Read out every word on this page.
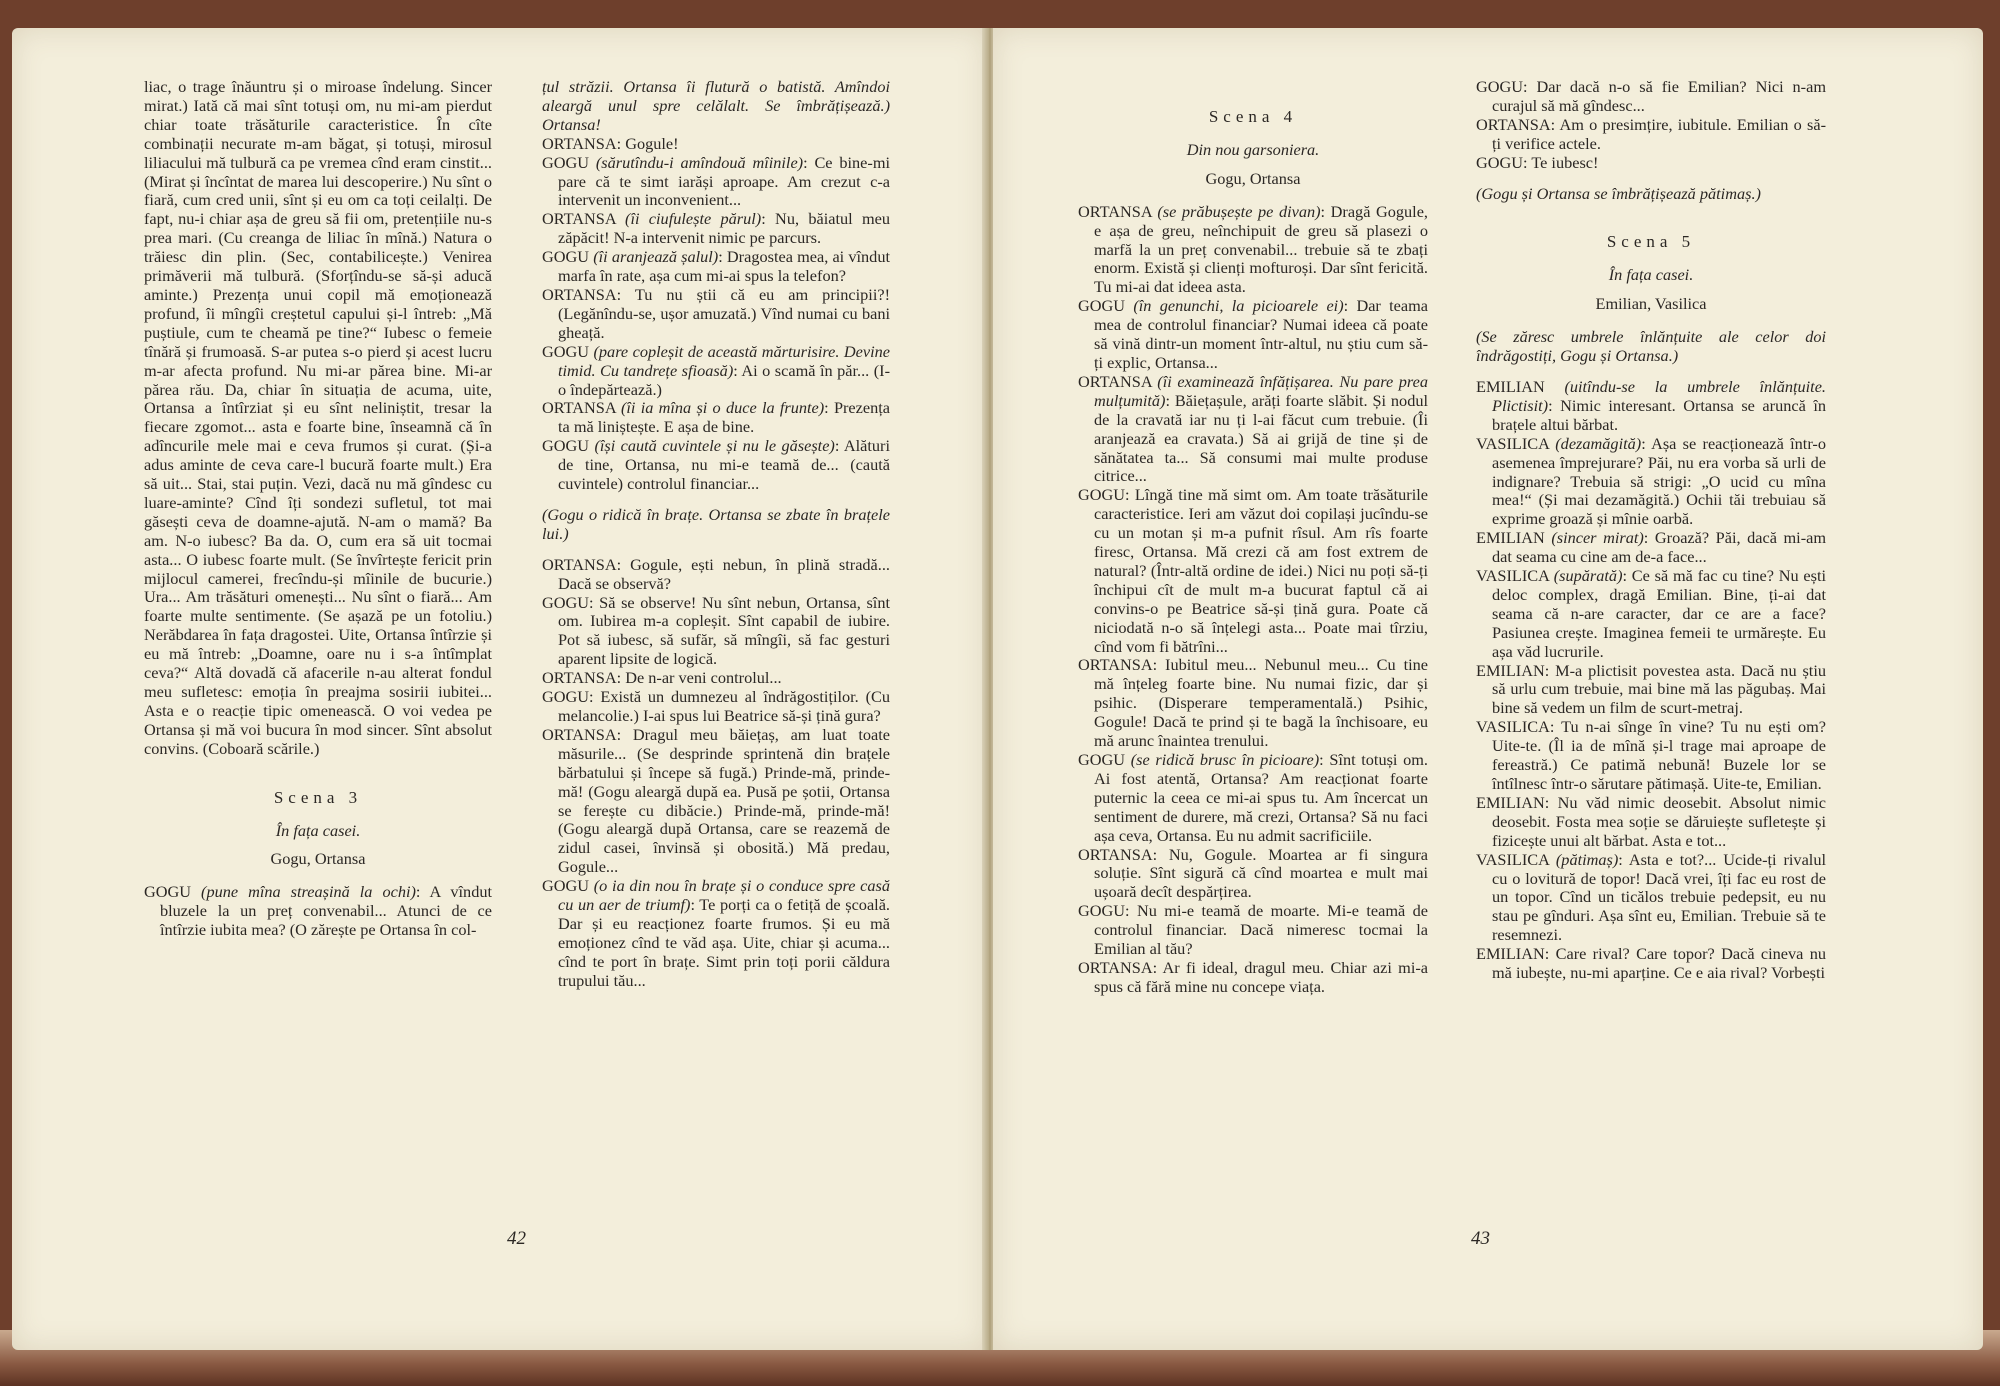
liac, o trage înăuntru și o miroase îndelung. Sincer mirat.) Iată că mai sînt totuși om, nu mi-am pierdut chiar toate trăsăturile caracteristice. În cîte combinații necurate m-am băgat, și totuși, mirosul liliacului mă tulbură ca pe vremea cînd eram cinstit... (Mirat și încîntat de marea lui descoperire.) Nu sînt o fiară, cum cred unii, sînt și eu om ca toți ceilalți. De fapt, nu-i chiar așa de greu să fii om, pretențiile nu-s prea mari. (Cu creanga de liliac în mînă.) Natura o trăiesc din plin. (Sec, contabilicește.) Venirea primăverii mă tulbură. (Sforțîndu-se să-și aducă aminte.) Prezența unui copil mă emoționează profund, îi mîngîi creștetul capului și-l întreb: „Mă puștiule, cum te cheamă pe tine?“ Iubesc o femeie tînără și frumoasă. S-ar putea s-o pierd și acest lucru m-ar afecta profund. Nu mi-ar părea bine. Mi-ar părea rău. Da, chiar în situația de acuma, uite, Ortansa a întîrziat și eu sînt neliniștit, tresar la fiecare zgomot... asta e foarte bine, înseamnă că în adîncurile mele mai e ceva frumos și curat. (Și-a adus aminte de ceva care-l bucură foarte mult.) Era să uit... Stai, stai puțin. Vezi, dacă nu mă gîndesc cu luare-aminte? Cînd îți sondezi sufletul, tot mai găsești ceva de doamne-ajută. N-am o mamă? Ba am. N-o iubesc? Ba da. O, cum era să uit tocmai asta... O iubesc foarte mult. (Se învîrtește fericit prin mijlocul camerei, frecîndu-și mîinile de bucurie.) Ura... Am trăsături omenești... Nu sînt o fiară... Am foarte multe sentimente. (Se așază pe un fotoliu.) Nerăbdarea în fața dragostei. Uite, Ortansa întîrzie și eu mă întreb: „Doamne, oare nu i s-a întîmplat ceva?“ Altă dovadă că afacerile n-au alterat fondul meu sufletesc: emoția în preajma sosirii iubitei... Asta e o reacție tipic omenească. O voi vedea pe Ortansa și mă voi bucura în mod sincer. Sînt absolut convins. (Coboară scările.)

Scena 3

În fața casei.

Gogu, Ortansa

GOGU (pune mîna streașină la ochi): A vîndut bluzele la un preț convenabil... Atunci de ce întîrzie iubita mea? (O zărește pe Ortansa în col-

țul străzii. Ortansa îi flutură o batistă. Amîndoi aleargă unul spre celălalt. Se îmbrățișează.) Ortansa!

ORTANSA: Gogule!

GOGU (sărutîndu-i amîndouă mîinile): Ce bine-mi pare că te simt iarăși aproape. Am crezut c-a intervenit un inconvenient...

ORTANSA (îi ciufulește părul): Nu, băiatul meu zăpăcit! N-a intervenit nimic pe parcurs.

GOGU (îi aranjează șalul): Dragostea mea, ai vîndut marfa în rate, așa cum mi-ai spus la telefon?

ORTANSA: Tu nu știi că eu am principii?! (Legănîndu-se, ușor amuzată.) Vînd numai cu bani gheață.

GOGU (pare copleșit de această mărturisire. Devine timid. Cu tandrețe sfioasă): Ai o scamă în păr... (I-o îndepărtează.)

ORTANSA (îi ia mîna și o duce la frunte): Prezența ta mă liniștește. E așa de bine.

GOGU (își caută cuvintele și nu le găsește): Alături de tine, Ortansa, nu mi-e teamă de... (caută cuvintele) controlul financiar...

(Gogu o ridică în brațe. Ortansa se zbate în brațele lui.)

ORTANSA: Gogule, ești nebun, în plină stradă... Dacă se observă?

GOGU: Să se observe! Nu sînt nebun, Ortansa, sînt om. Iubirea m-a copleșit. Sînt capabil de iubire. Pot să iubesc, să sufăr, să mîngîi, să fac gesturi aparent lipsite de logică.

ORTANSA: De n-ar veni controlul...

GOGU: Există un dumnezeu al îndrăgostiților. (Cu melancolie.) I-ai spus lui Beatrice să-și țină gura?

ORTANSA: Dragul meu băiețaș, am luat toate măsurile... (Se desprinde sprintenă din brațele bărbatului și începe să fugă.) Prinde-mă, prinde-mă! (Gogu aleargă după ea. Pusă pe șotii, Ortansa se ferește cu dibăcie.) Prinde-mă, prinde-mă! (Gogu aleargă după Ortansa, care se reazemă de zidul casei, învinsă și obosită.) Mă predau, Gogule...

GOGU (o ia din nou în brațe și o conduce spre casă cu un aer de triumf): Te porți ca o fetiță de școală. Dar și eu reacționez foarte frumos. Și eu mă emoționez cînd te văd așa. Uite, chiar și acuma... cînd te port în brațe. Simt prin toți porii căldura trupului tău...

42

Scena 4

Din nou garsoniera.

Gogu, Ortansa

ORTANSA (se prăbușește pe divan): Dragă Gogule, e așa de greu, neînchipuit de greu să plasezi o marfă la un preț convenabil... trebuie să te zbați enorm. Există și clienți mofturoși. Dar sînt fericită. Tu mi-ai dat ideea asta.

GOGU (în genunchi, la picioarele ei): Dar teama mea de controlul financiar? Numai ideea că poate să vină dintr-un moment într-altul, nu știu cum să-ți explic, Ortansa...

ORTANSA (îi examinează înfățișarea. Nu pare prea mulțumită): Băiețașule, arăți foarte slăbit. Și nodul de la cravată iar nu ți l-ai făcut cum trebuie. (Îi aranjează ea cravata.) Să ai grijă de tine și de sănătatea ta... Să consumi mai multe produse citrice...

GOGU: Lîngă tine mă simt om. Am toate trăsăturile caracteristice. Ieri am văzut doi copilași jucîndu-se cu un motan și m-a pufnit rîsul. Am rîs foarte firesc, Ortansa. Mă crezi că am fost extrem de natural? (Într-altă ordine de idei.) Nici nu poți să-ți închipui cît de mult m-a bucurat faptul că ai convins-o pe Beatrice să-și țină gura. Poate că niciodată n-o să înțelegi asta... Poate mai tîrziu, cînd vom fi bătrîni...

ORTANSA: Iubitul meu... Nebunul meu... Cu tine mă înțeleg foarte bine. Nu numai fizic, dar și psihic. (Disperare temperamentală.) Psihic, Gogule! Dacă te prind și te bagă la închisoare, eu mă arunc înaintea trenului.

GOGU (se ridică brusc în picioare): Sînt totuși om. Ai fost atentă, Ortansa? Am reacționat foarte puternic la ceea ce mi-ai spus tu. Am încercat un sentiment de durere, mă crezi, Ortansa? Să nu faci așa ceva, Ortansa. Eu nu admit sacrificiile.

ORTANSA: Nu, Gogule. Moartea ar fi singura soluție. Sînt sigură că cînd moartea e mult mai ușoară decît despărțirea.

GOGU: Nu mi-e teamă de moarte. Mi-e teamă de controlul financiar. Dacă nimeresc tocmai la Emilian al tău?

ORTANSA: Ar fi ideal, dragul meu. Chiar azi mi-a spus că fără mine nu concepe viața.

GOGU: Dar dacă n-o să fie Emilian? Nici n-am curajul să mă gîndesc...

ORTANSA: Am o presimțire, iubitule. Emilian o să-ți verifice actele.

GOGU: Te iubesc!

(Gogu și Ortansa se îmbrățișează pătimaș.)

Scena 5

În fața casei.

Emilian, Vasilica

(Se zăresc umbrele înlănțuite ale celor doi îndrăgostiți, Gogu și Ortansa.)

EMILIAN (uitîndu-se la umbrele înlănțuite. Plictisit): Nimic interesant. Ortansa se aruncă în brațele altui bărbat.

VASILICA (dezamăgită): Așa se reacționează într-o asemenea împrejurare? Păi, nu era vorba să urli de indignare? Trebuia să strigi: „O ucid cu mîna mea!“ (Și mai dezamăgită.) Ochii tăi trebuiau să exprime groază și mînie oarbă.

EMILIAN (sincer mirat): Groază? Păi, dacă mi-am dat seama cu cine am de-a face...

VASILICA (supărată): Ce să mă fac cu tine? Nu ești deloc complex, dragă Emilian. Bine, ți-ai dat seama că n-are caracter, dar ce are a face? Pasiunea crește. Imaginea femeii te urmărește. Eu așa văd lucrurile.

EMILIAN: M-a plictisit povestea asta. Dacă nu știu să urlu cum trebuie, mai bine mă las păgubaș. Mai bine să vedem un film de scurt-metraj.

VASILICA: Tu n-ai sînge în vine? Tu nu ești om? Uite-te. (Îl ia de mînă și-l trage mai aproape de fereastră.) Ce patimă nebună! Buzele lor se întîlnesc într-o sărutare pătimașă. Uite-te, Emilian.

EMILIAN: Nu văd nimic deosebit. Absolut nimic deosebit. Fosta mea soție se dăruiește sufletește și fizicește unui alt bărbat. Asta e tot...

VASILICA (pătimaș): Asta e tot?... Ucide-ți rivalul cu o lovitură de topor! Dacă vrei, îți fac eu rost de un topor. Cînd un ticălos trebuie pedepsit, eu nu stau pe gînduri. Așa sînt eu, Emilian. Trebuie să te resemnezi.

EMILIAN: Care rival? Care topor? Dacă cineva nu mă iubește, nu-mi aparține. Ce e aia rival? Vorbești

43
